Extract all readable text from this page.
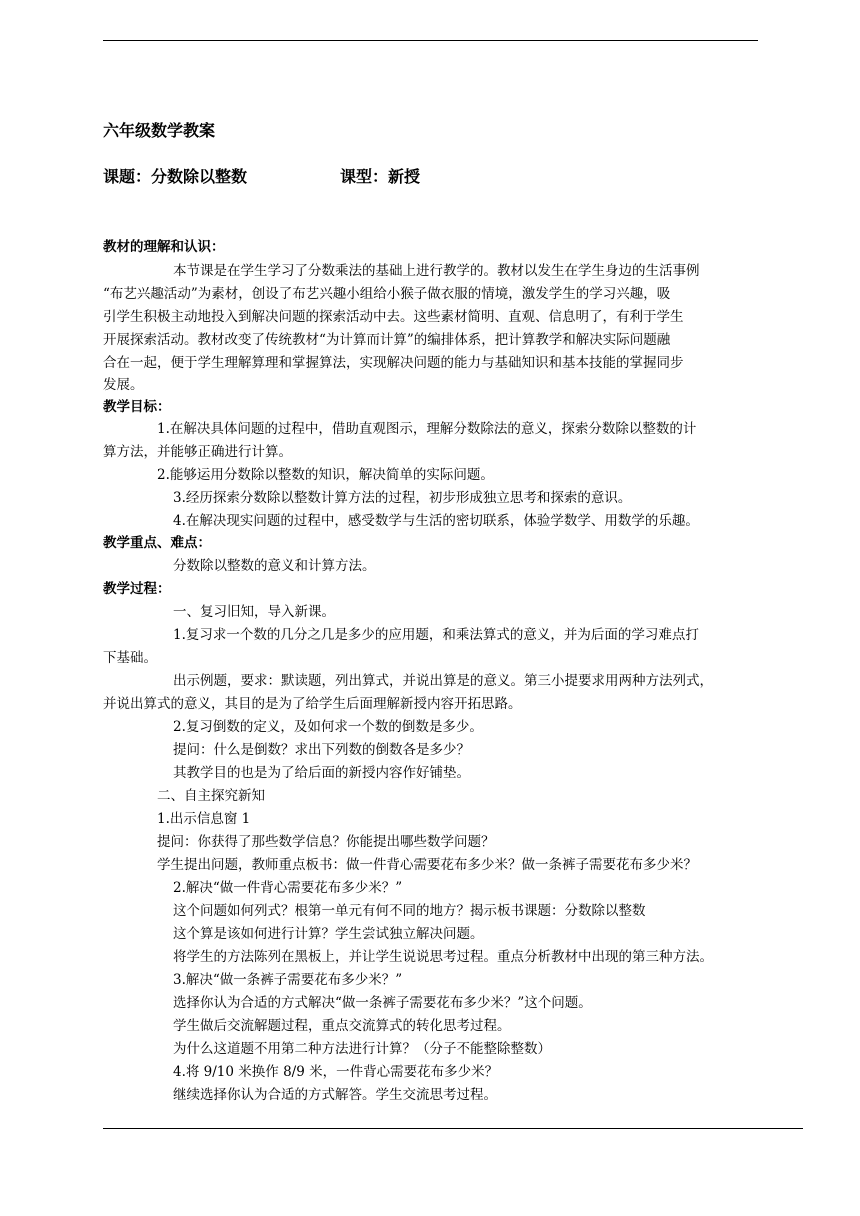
六年级数学教案
课题：分数除以整数	课型：新授
教材的理解和认识：
本节课是在学生学习了分数乘法的基础上进行教学的。教材以发生在学生身边的生活事例
“布艺兴趣活动”为素材，创设了布艺兴趣小组给小猴子做衣服的情境，激发学生的学习兴趣，吸
引学生积极主动地投入到解决问题的探索活动中去。这些素材简明、直观、信息明了，有利于学生
开展探索活动。教材改变了传统教材“为计算而计算”的编排体系，把计算教学和解决实际问题融
合在一起，便于学生理解算理和掌握算法，实现解决问题的能力与基础知识和基本技能的掌握同步
发展。
教学目标：
1.在解决具体问题的过程中，借助直观图示，理解分数除法的意义，探索分数除以整数的计
算方法，并能够正确进行计算。
2.能够运用分数除以整数的知识，解决简单的实际问题。
3.经历探索分数除以整数计算方法的过程，初步形成独立思考和探索的意识。
4.在解决现实问题的过程中，感受数学与生活的密切联系，体验学数学、用数学的乐趣。
教学重点、难点：
分数除以整数的意义和计算方法。
教学过程：
一、复习旧知，导入新课。
1.复习求一个数的几分之几是多少的应用题，和乘法算式的意义，并为后面的学习难点打
下基础。
出示例题，要求：默读题，列出算式，并说出算是的意义。第三小提要求用两种方法列式，
并说出算式的意义，其目的是为了给学生后面理解新授内容开拓思路。
2.复习倒数的定义，及如何求一个数的倒数是多少。
提问：什么是倒数？求出下列数的倒数各是多少？
其教学目的也是为了给后面的新授内容作好铺垫。
二、自主探究新知
1.出示信息窗 1
提问：你获得了那些数学信息？你能提出哪些数学问题？
学生提出问题，教师重点板书：做一件背心需要花布多少米？做一条裤子需要花布多少米？
2.解决“做一件背心需要花布多少米？”
这个问题如何列式？根第一单元有何不同的地方？揭示板书课题：分数除以整数
这个算是该如何进行计算？学生尝试独立解决问题。
将学生的方法陈列在黑板上，并让学生说说思考过程。重点分析教材中出现的第三种方法。
3.解决“做一条裤子需要花布多少米？”
选择你认为合适的方式解决“做一条裤子需要花布多少米？”这个问题。
学生做后交流解题过程，重点交流算式的转化思考过程。
为什么这道题不用第二种方法进行计算？（分子不能整除整数）
4.将 9/10 米换作 8/9 米，一件背心需要花布多少米？
继续选择你认为合适的方式解答。学生交流思考过程。
